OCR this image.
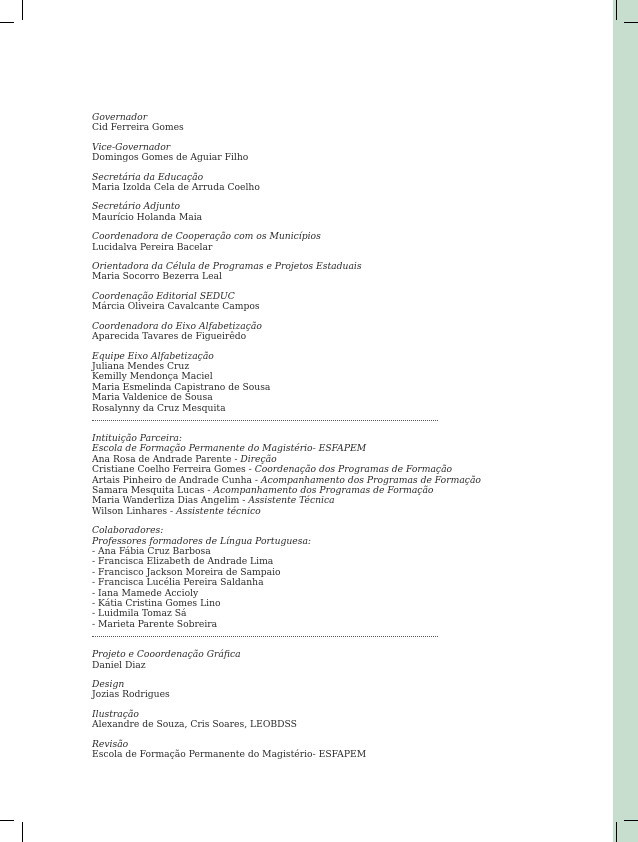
Governador
Cid Ferreira Gomes
Vice-Governador
Domingos Gomes de Aguiar Filho
Secretária da Educação
Maria Izolda Cela de Arruda Coelho
Secretário Adjunto
Maurício Holanda Maia
Coordenadora de Cooperação com os Municípios
Lucidalva Pereira Bacelar
Orientadora da Célula de Programas e Projetos Estaduais
Maria Socorro Bezerra Leal
Coordenação Editorial SEDUC
Márcia Oliveira Cavalcante Campos
Coordenadora do Eixo Alfabetização
Aparecida Tavares de Figueirêdo
Equipe Eixo Alfabetização
Juliana Mendes Cruz
Kemilly Mendonça Maciel
Maria Esmelinda Capistrano de Sousa
Maria Valdenice de Sousa
Rosalynny da Cruz Mesquita
Intituição Parceira:
Escola de Formação Permanente do Magistério- ESFAPEM
Ana Rosa de Andrade Parente - Direção
Cristiane Coelho Ferreira Gomes - Coordenação dos Programas de Formação
Artais Pinheiro de Andrade Cunha - Acompanhamento dos Programas de Formação
Samara Mesquita Lucas - Acompanhamento dos Programas de Formação
Maria Wanderliza Dias Angelim - Assistente Técnica
Wilson Linhares - Assistente técnico
Colaboradores:
Professores formadores de Língua Portuguesa:
- Ana Fábia Cruz Barbosa
- Francisca Elizabeth de Andrade Lima
- Francisco Jackson Moreira de Sampaio
- Francisca Lucélia Pereira Saldanha
- Iana Mamede Accioly
- Kátia Cristina Gomes Lino
- Luidmila Tomaz Sá
- Marieta Parente Sobreira
Projeto e Cooordenação Gráfica
Daniel Diaz
Design
Jozias Rodrigues
Ilustração
Alexandre de Souza, Cris Soares, LEOBDSS
Revisão
Escola de Formação Permanente do Magistério- ESFAPEM
